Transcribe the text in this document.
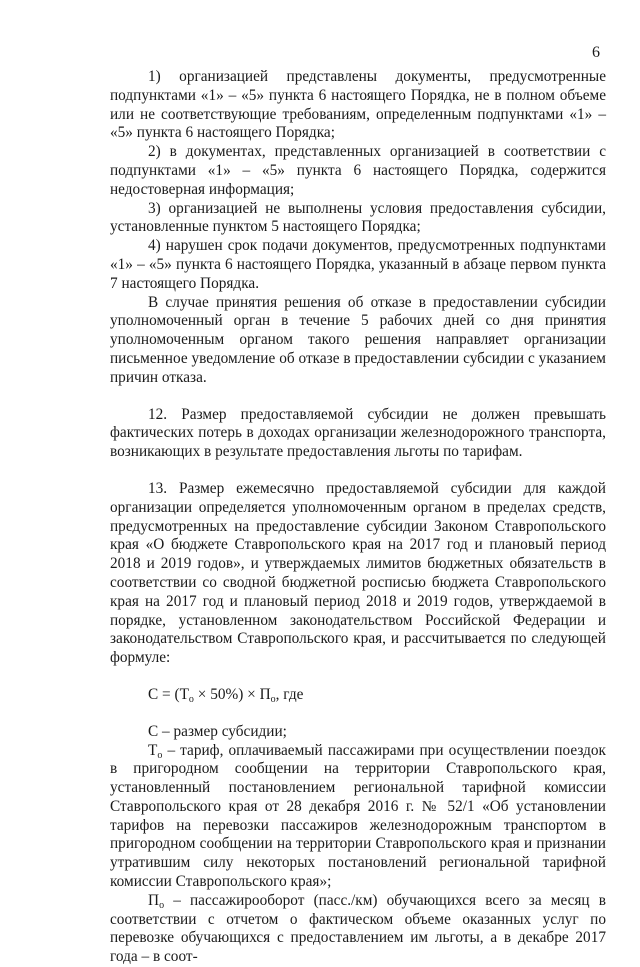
6

1) организацией представлены документы, предусмотренные подпунктами «1» – «5» пункта 6 настоящего Порядка, не в полном объеме или не соответствующие требованиям, определенным подпунктами «1» – «5» пункта 6 настоящего Порядка;

2) в документах, представленных организацией в соответствии с подпунктами «1» – «5» пункта 6 настоящего Порядка, содержится недостоверная информация;

3) организацией не выполнены условия предоставления субсидии, установленные пунктом 5 настоящего Порядка;

4) нарушен срок подачи документов, предусмотренных подпунктами «1» – «5» пункта 6 настоящего Порядка, указанный в абзаце первом пункта 7 настоящего Порядка.

В случае принятия решения об отказе в предоставлении субсидии уполномоченный орган в течение 5 рабочих дней со дня принятия уполномоченным органом такого решения направляет организации письменное уведомление об отказе в предоставлении субсидии с указанием причин отказа.

12. Размер предоставляемой субсидии не должен превышать фактических потерь в доходах организации железнодорожного транспорта, возникающих в результате предоставления льготы по тарифам.

13. Размер ежемесячно предоставляемой субсидии для каждой организации определяется уполномоченным органом в пределах средств, предусмотренных на предоставление субсидии Законом Ставропольского края «О бюджете Ставропольского края на 2017 год и плановый период 2018 и 2019 годов», и утверждаемых лимитов бюджетных обязательств в соответствии со сводной бюджетной росписью бюджета Ставропольского края на 2017 год и плановый период 2018 и 2019 годов, утверждаемой в порядке, установленном законодательством Российской Федерации и законодательством Ставропольского края, и рассчитывается по следующей формуле:

$С = (Т_о \times 50\%) \times П_о$, где

С – размер субсидии;

$Т_о$ – тариф, оплачиваемый пассажирами при осуществлении поездок в пригородном сообщении на территории Ставропольского края, установленный постановлением региональной тарифной комиссии Ставропольского края от 28 декабря 2016 г. № 52/1 «Об установлении тарифов на перевозки пассажиров железнодорожным транспортом в пригородном сообщении на территории Ставропольского края и признании утратившим силу некоторых постановлений региональной тарифной комиссии Ставропольского края»;

$П_о$ – пассажирооборот (пасс./км) обучающихся всего за месяц в соответствии с отчетом о фактическом объеме оказанных услуг по перевозке обучающихся с предоставлением им льготы, а в декабре 2017 года – в соот-
